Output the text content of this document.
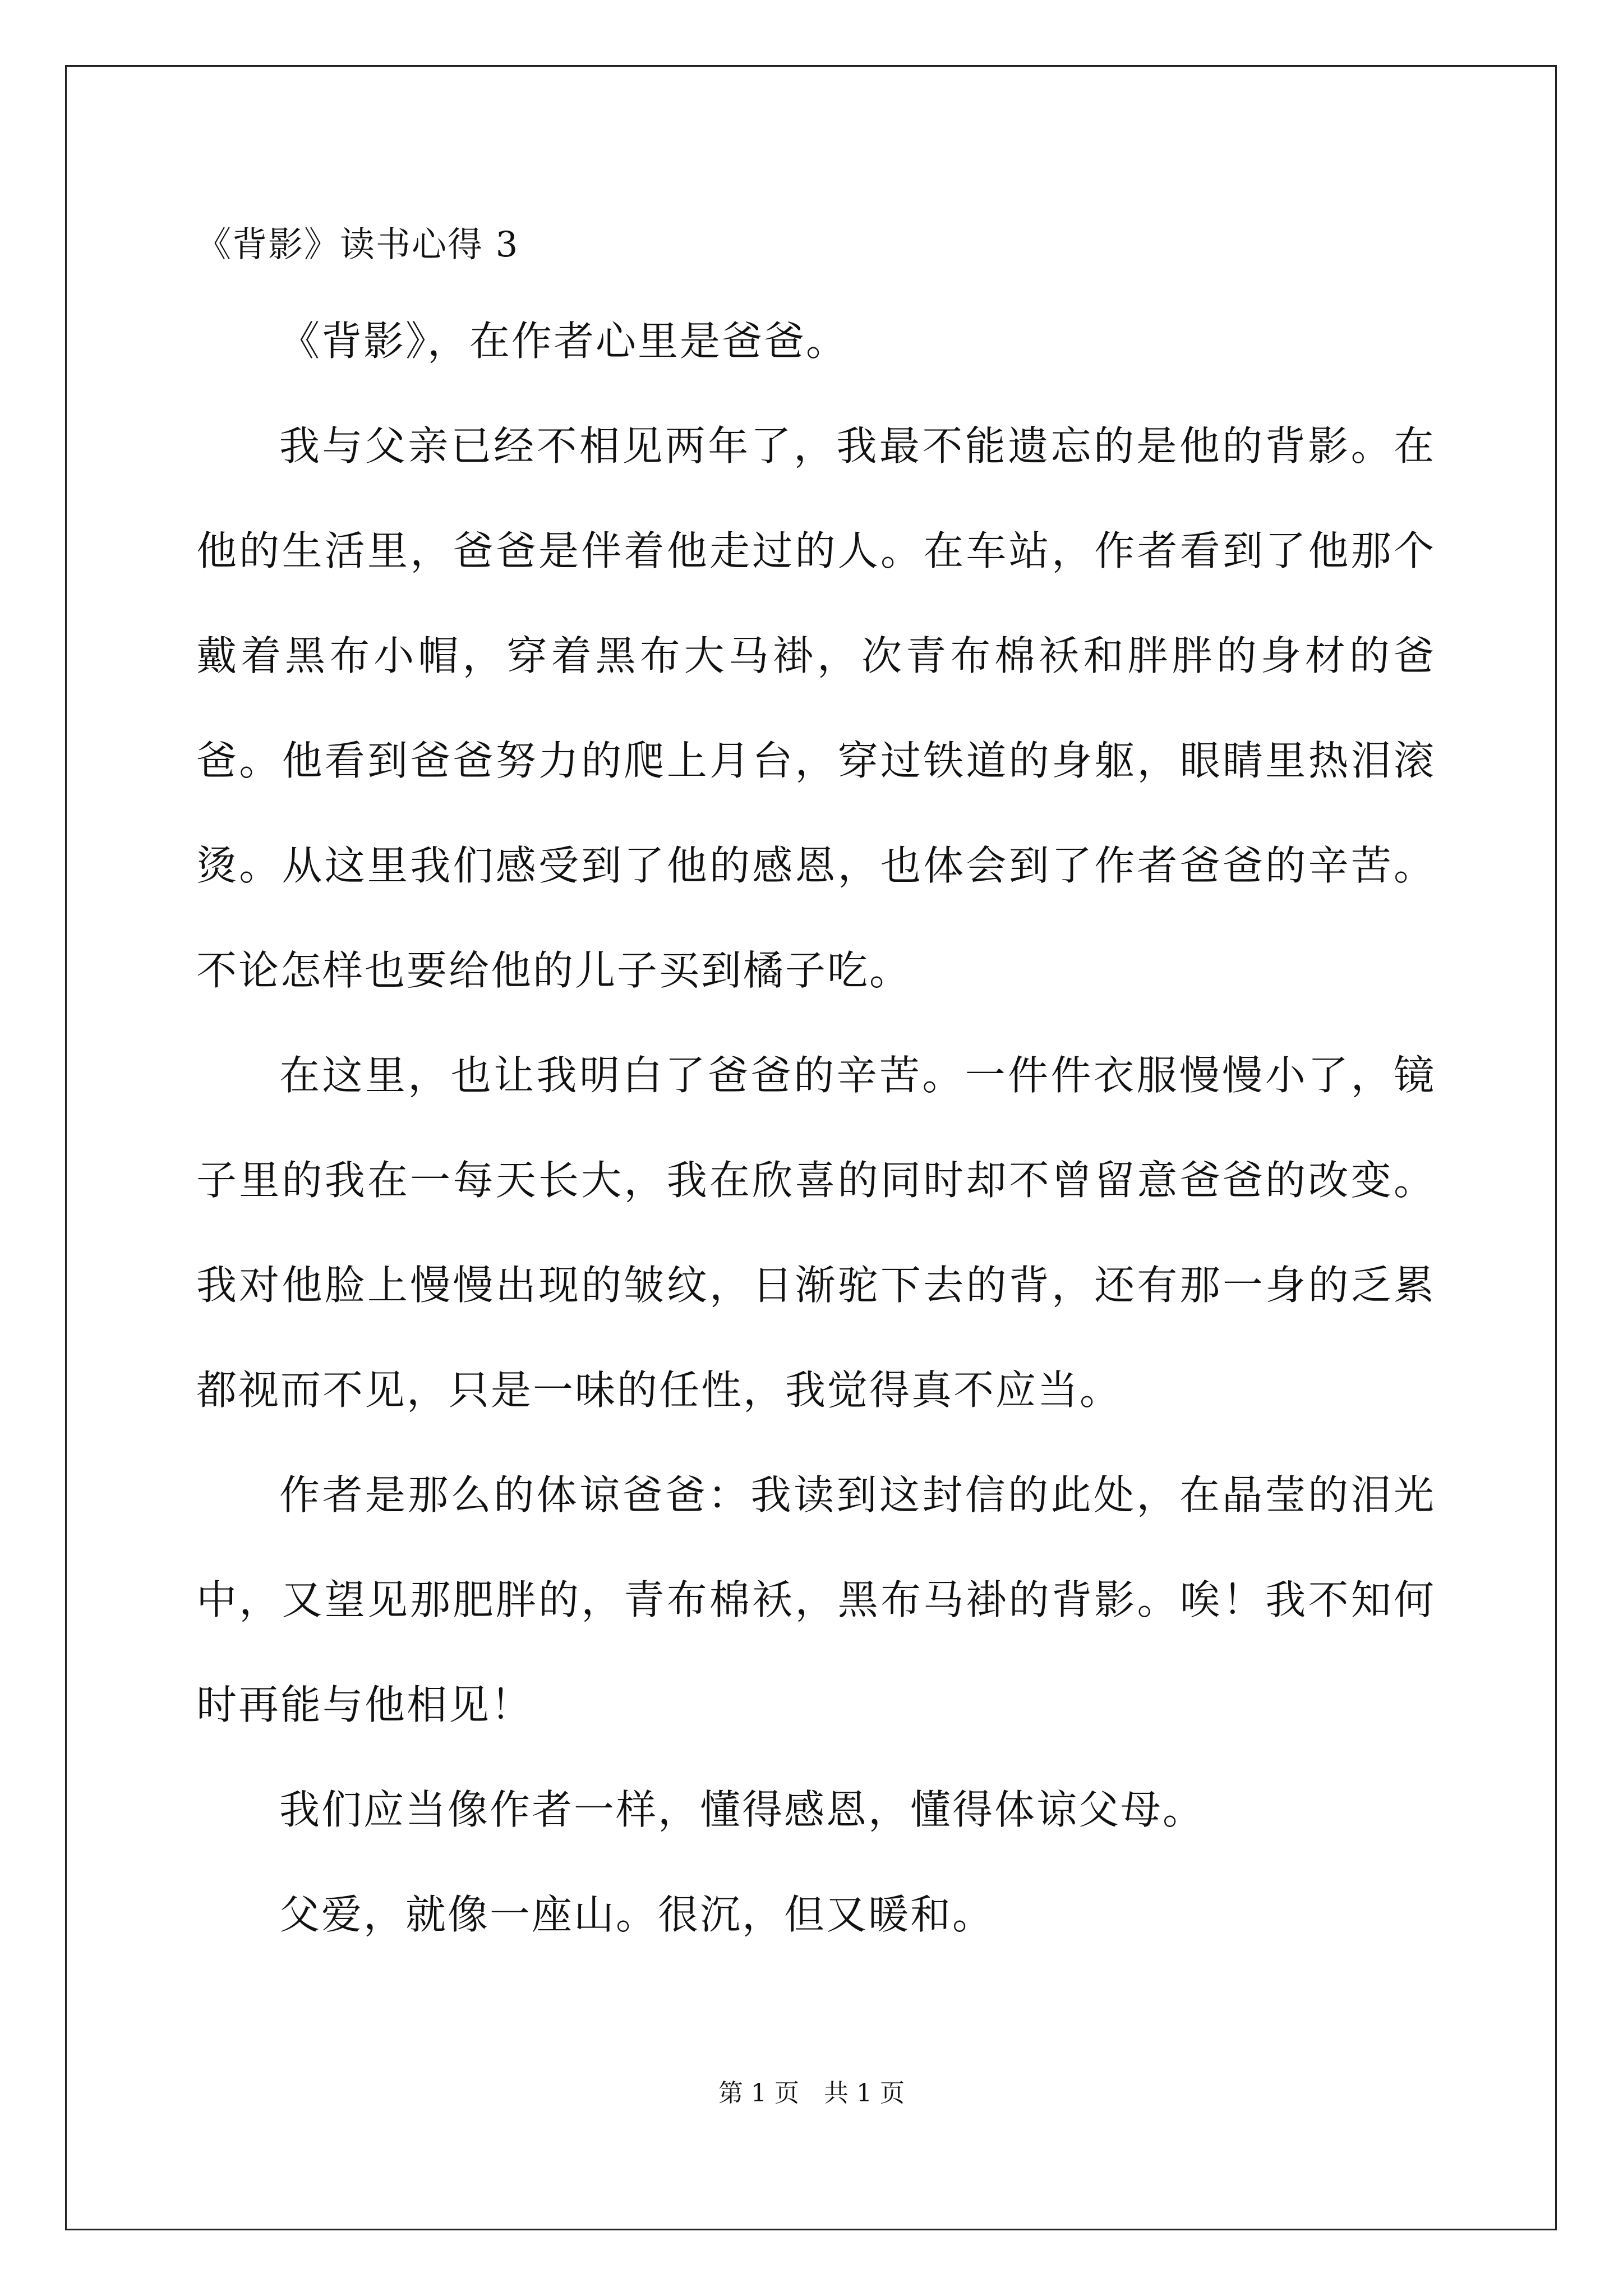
《背影》读书心得 3

《背影》，在作者心里是爸爸。

我与父亲已经不相见两年了，我最不能遗忘的是他的背影。在他的生活里，爸爸是伴着他走过的人。在车站，作者看到了他那个戴着黑布小帽，穿着黑布大马褂，次青布棉袄和胖胖的身材的爸爸。他看到爸爸努力的爬上月台，穿过铁道的身躯，眼睛里热泪滚烫。从这里我们感受到了他的感恩，也体会到了作者爸爸的辛苦。不论怎样也要给他的儿子买到橘子吃。

在这里，也让我明白了爸爸的辛苦。一件件衣服慢慢小了，镜子里的我在一每天长大，我在欣喜的同时却不曾留意爸爸的改变。我对他脸上慢慢出现的皱纹，日渐驼下去的背，还有那一身的乏累都视而不见，只是一味的任性，我觉得真不应当。

作者是那么的体谅爸爸：我读到这封信的此处，在晶莹的泪光中，又望见那肥胖的，青布棉袄，黑布马褂的背影。唉！我不知何时再能与他相见！

我们应当像作者一样，懂得感恩，懂得体谅父母。

父爱，就像一座山。很沉，但又暖和。

第 1 页 共 1 页
